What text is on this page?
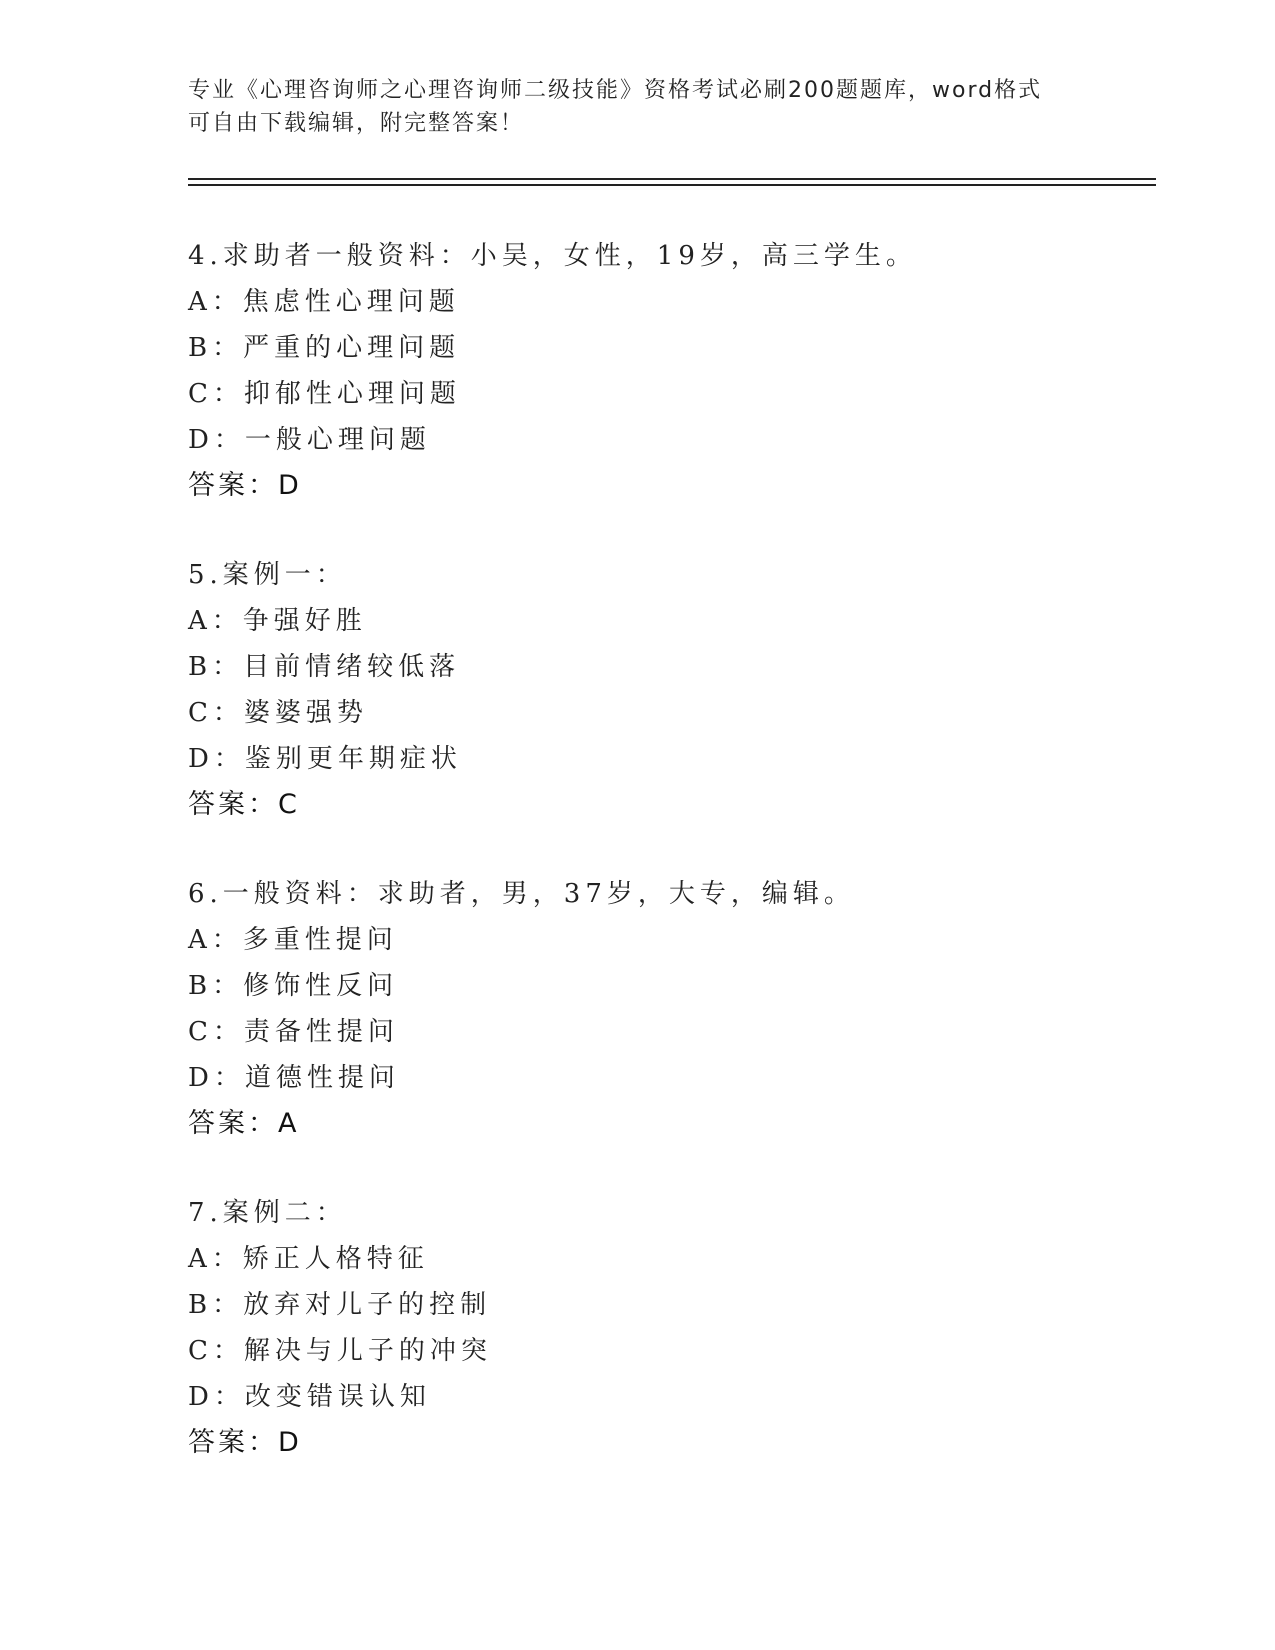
专业《心理咨询师之心理咨询师二级技能》资格考试必刷200题题库，word格式
可自由下载编辑，附完整答案！
4.求助者一般资料：小吴，女性，19岁，高三学生。
A：焦虑性心理问题
B：严重的心理问题
C：抑郁性心理问题
D：一般心理问题
答案：D
5.案例一：
A：争强好胜
B：目前情绪较低落
C：婆婆强势
D：鉴别更年期症状
答案：C
6.一般资料：求助者，男，37岁，大专，编辑。
A：多重性提问
B：修饰性反问
C：责备性提问
D：道德性提问
答案：A
7.案例二：
A：矫正人格特征
B：放弃对儿子的控制
C：解决与儿子的冲突
D：改变错误认知
答案：D
